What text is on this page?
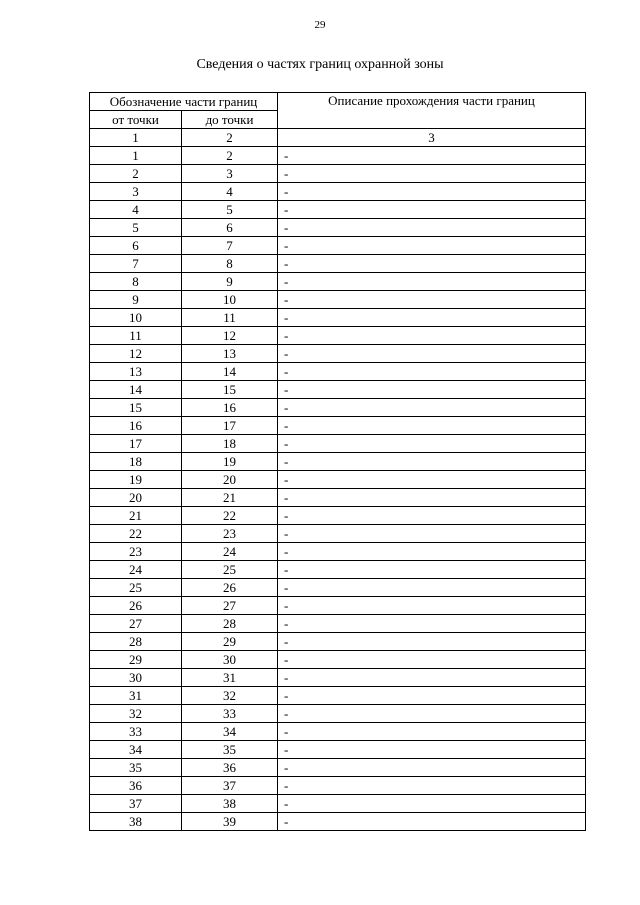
29
Сведения о частях границ охранной зоны
Обозначение части границ		Описание прохождения части границ
от точки	до точки	
1	2	3
1	2	-
2	3	-
3	4	-
4	5	-
5	6	-
6	7	-
7	8	-
8	9	-
9	10	-
10	11	-
11	12	-
12	13	-
13	14	-
14	15	-
15	16	-
16	17	-
17	18	-
18	19	-
19	20	-
20	21	-
21	22	-
22	23	-
23	24	-
24	25	-
25	26	-
26	27	-
27	28	-
28	29	-
29	30	-
30	31	-
31	32	-
32	33	-
33	34	-
34	35	-
35	36	-
36	37	-
37	38	-
38	39	-
